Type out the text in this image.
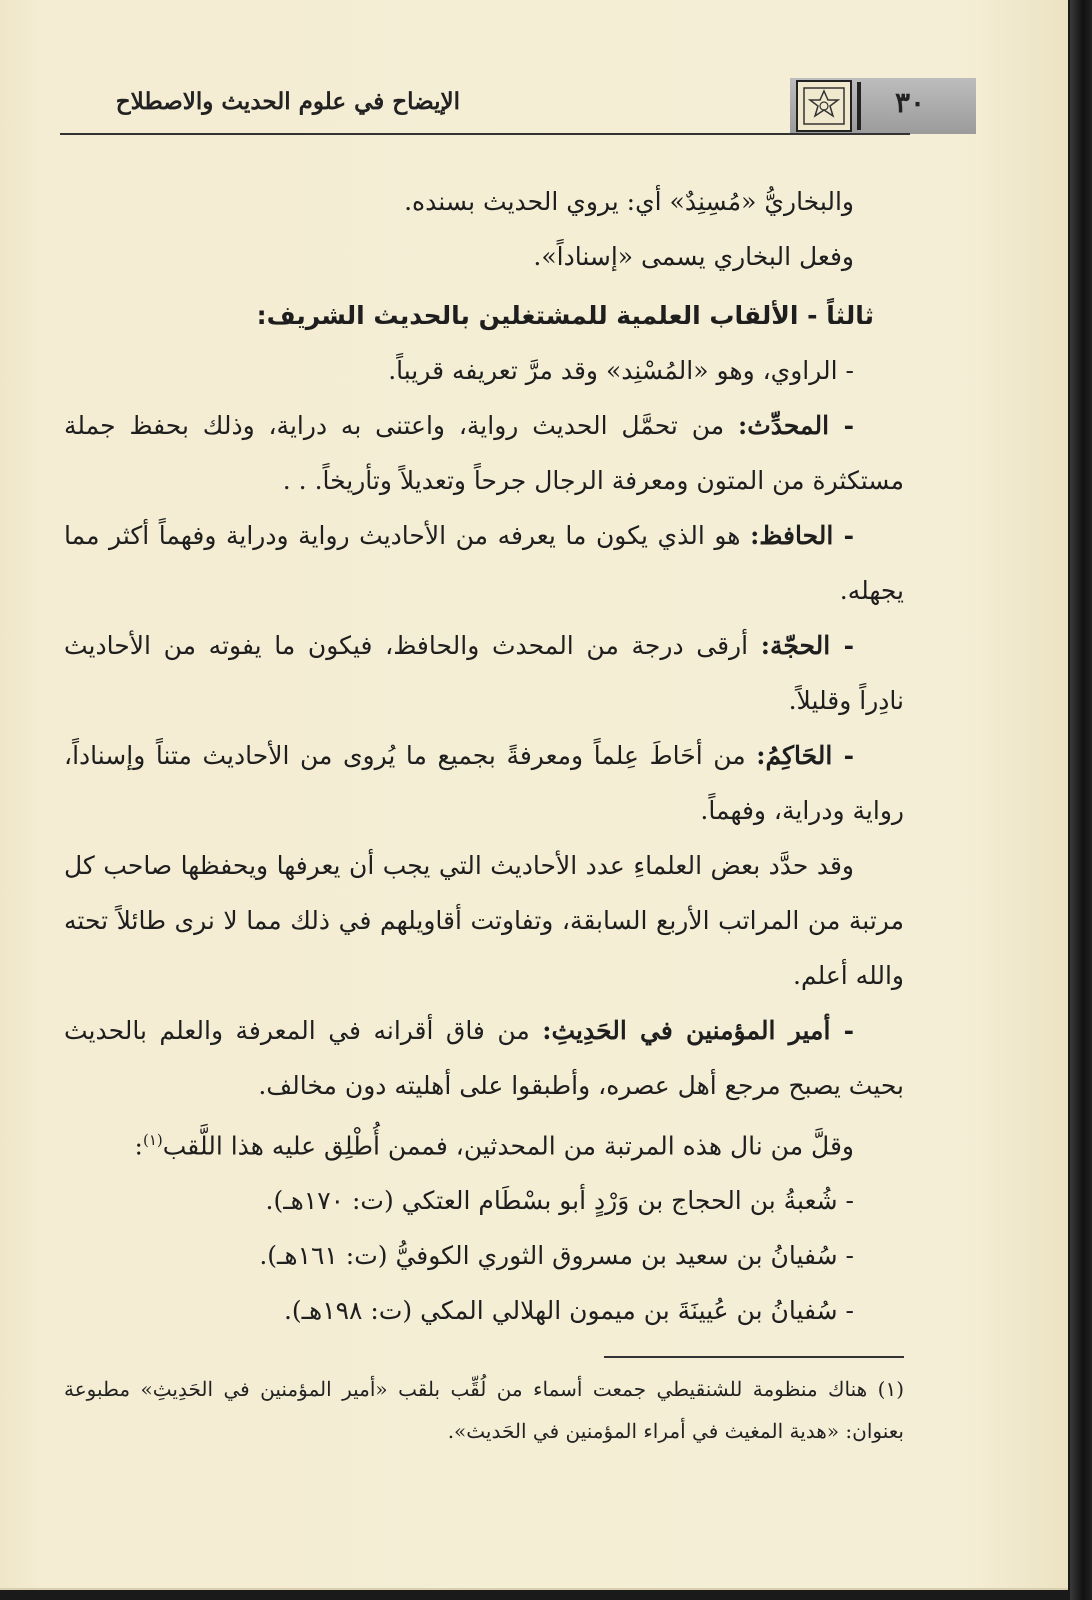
الإيضاح في علوم الحديث والاصطلاح	٣٠

والبخاريُّ «مُسِنِدٌ» أي: يروي الحديث بسنده.

وفعل البخاري يسمى «إسناداً».

ثالثاً - الألقاب العلمية للمشتغلين بالحديث الشريف:

- الراوي، وهو «المُسْنِد» وقد مرَّ تعريفه قريباً.

- المحدِّث: من تحمَّل الحديث رواية، واعتنى به دراية، وذلك بحفظ جملة مستكثرة من المتون ومعرفة الرجال جرحاً وتعديلاً وتأريخاً. . .

- الحافظ: هو الذي يكون ما يعرفه من الأحاديث رواية ودراية وفهماً أكثر مما يجهله.

- الحجّة: أرقى درجة من المحدث والحافظ، فيكون ما يفوته من الأحاديث نادِراً وقليلاً.

- الحَاكِمُ: من أحَاطَ عِلماً ومعرفةً بجميع ما يُروى من الأحاديث متناً وإسناداً، رواية ودراية، وفهماً.

وقد حدَّد بعض العلماءِ عدد الأحاديث التي يجب أن يعرفها ويحفظها صاحب كل مرتبة من المراتب الأربع السابقة، وتفاوتت أقاويلهم في ذلك مما لا نرى طائلاً تحته والله أعلم.

- أمير المؤمنين في الحَدِيثِ: من فاق أقرانه في المعرفة والعلم بالحديث بحيث يصبح مرجع أهل عصره، وأطبقوا على أهليته دون مخالف.

وقلَّ من نال هذه المرتبة من المحدثين، فممن أُطْلِق عليه هذا اللَّقب$^{(١)}$:

- شُعبةُ بن الحجاج بن وَرْدٍ أبو بسْطَام العتكي (ت: ١٧٠هـ).

- سُفيانُ بن سعيد بن مسروق الثوري الكوفيُّ (ت: ١٦١هـ).

- سُفيانُ بن عُيينَةَ بن ميمون الهلالي المكي (ت: ١٩٨هـ).

(١) هناك منظومة للشنقيطي جمعت أسماء من لُقِّب بلقب «أمير المؤمنين في الحَدِيثِ» مطبوعة بعنوان: «هدية المغيث في أمراء المؤمنين في الحَديث».
